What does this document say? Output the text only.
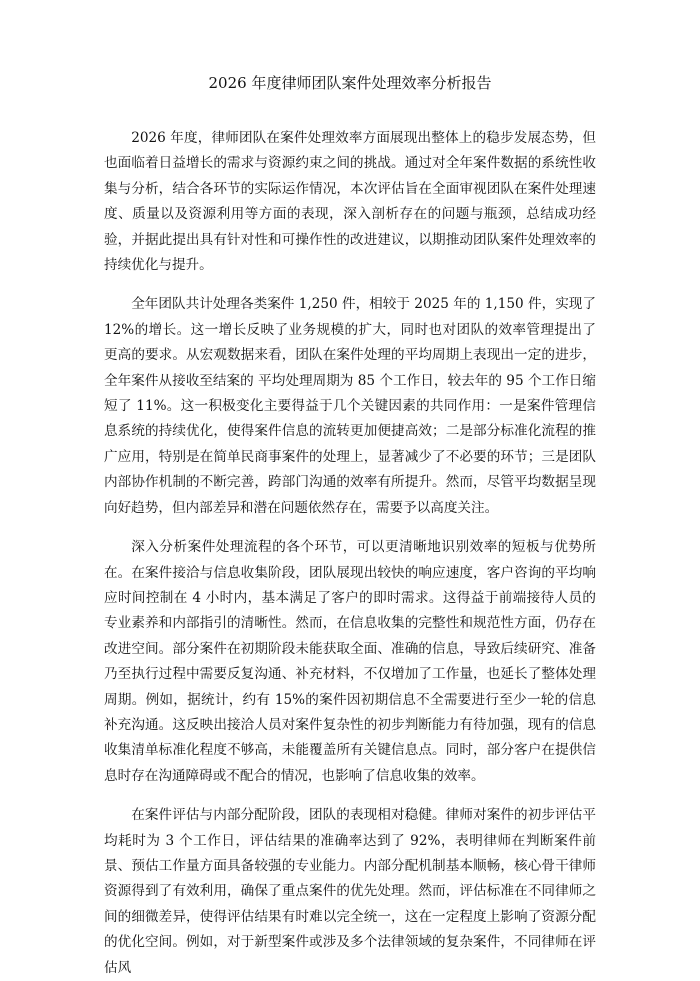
2026 年度律师团队案件处理效率分析报告

2026 年度，律师团队在案件处理效率方面展现出整体上的稳步发展态势，但也面临着日益增长的需求与资源约束之间的挑战。通过对全年案件数据的系统性收集与分析，结合各环节的实际运作情况，本次评估旨在全面审视团队在案件处理速度、质量以及资源利用等方面的表现，深入剖析存在的问题与瓶颈，总结成功经验，并据此提出具有针对性和可操作性的改进建议，以期推动团队案件处理效率的持续优化与提升。

全年团队共计处理各类案件 1,250 件，相较于 2025 年的 1,150 件，实现了 12%的增长。这一增长反映了业务规模的扩大，同时也对团队的效率管理提出了更高的要求。从宏观数据来看，团队在案件处理的平均周期上表现出一定的进步，全年案件从接收至结案的 平均处理周期为 85 个工作日，较去年的 95 个工作日缩短了 11%。这一积极变化主要得益于几个关键因素的共同作用：一是案件管理信息系统的持续优化，使得案件信息的流转更加便捷高效；二是部分标准化流程的推广应用，特别是在简单民商事案件的处理上，显著减少了不必要的环节；三是团队内部协作机制的不断完善，跨部门沟通的效率有所提升。然而，尽管平均数据呈现向好趋势，但内部差异和潜在问题依然存在，需要予以高度关注。

深入分析案件处理流程的各个环节，可以更清晰地识别效率的短板与优势所在。在案件接洽与信息收集阶段，团队展现出较快的响应速度，客户咨询的平均响应时间控制在 4 小时内，基本满足了客户的即时需求。这得益于前端接待人员的专业素养和内部指引的清晰性。然而，在信息收集的完整性和规范性方面，仍存在改进空间。部分案件在初期阶段未能获取全面、准确的信息，导致后续研究、准备乃至执行过程中需要反复沟通、补充材料，不仅增加了工作量，也延长了整体处理周期。例如，据统计，约有 15%的案件因初期信息不全需要进行至少一轮的信息补充沟通。这反映出接洽人员对案件复杂性的初步判断能力有待加强，现有的信息收集清单标准化程度不够高，未能覆盖所有关键信息点。同时，部分客户在提供信息时存在沟通障碍或不配合的情况，也影响了信息收集的效率。

在案件评估与内部分配阶段，团队的表现相对稳健。律师对案件的初步评估平均耗时为 3 个工作日，评估结果的准确率达到了 92%，表明律师在判断案件前景、预估工作量方面具备较强的专业能力。内部分配机制基本顺畅，核心骨干律师资源得到了有效利用，确保了重点案件的优先处理。然而，评估标准在不同律师之间的细微差异，使得评估结果有时难以完全统一，这在一定程度上影响了资源分配的优化空间。例如，对于新型案件或涉及多个法律领域的复杂案件，不同律师在评估风
